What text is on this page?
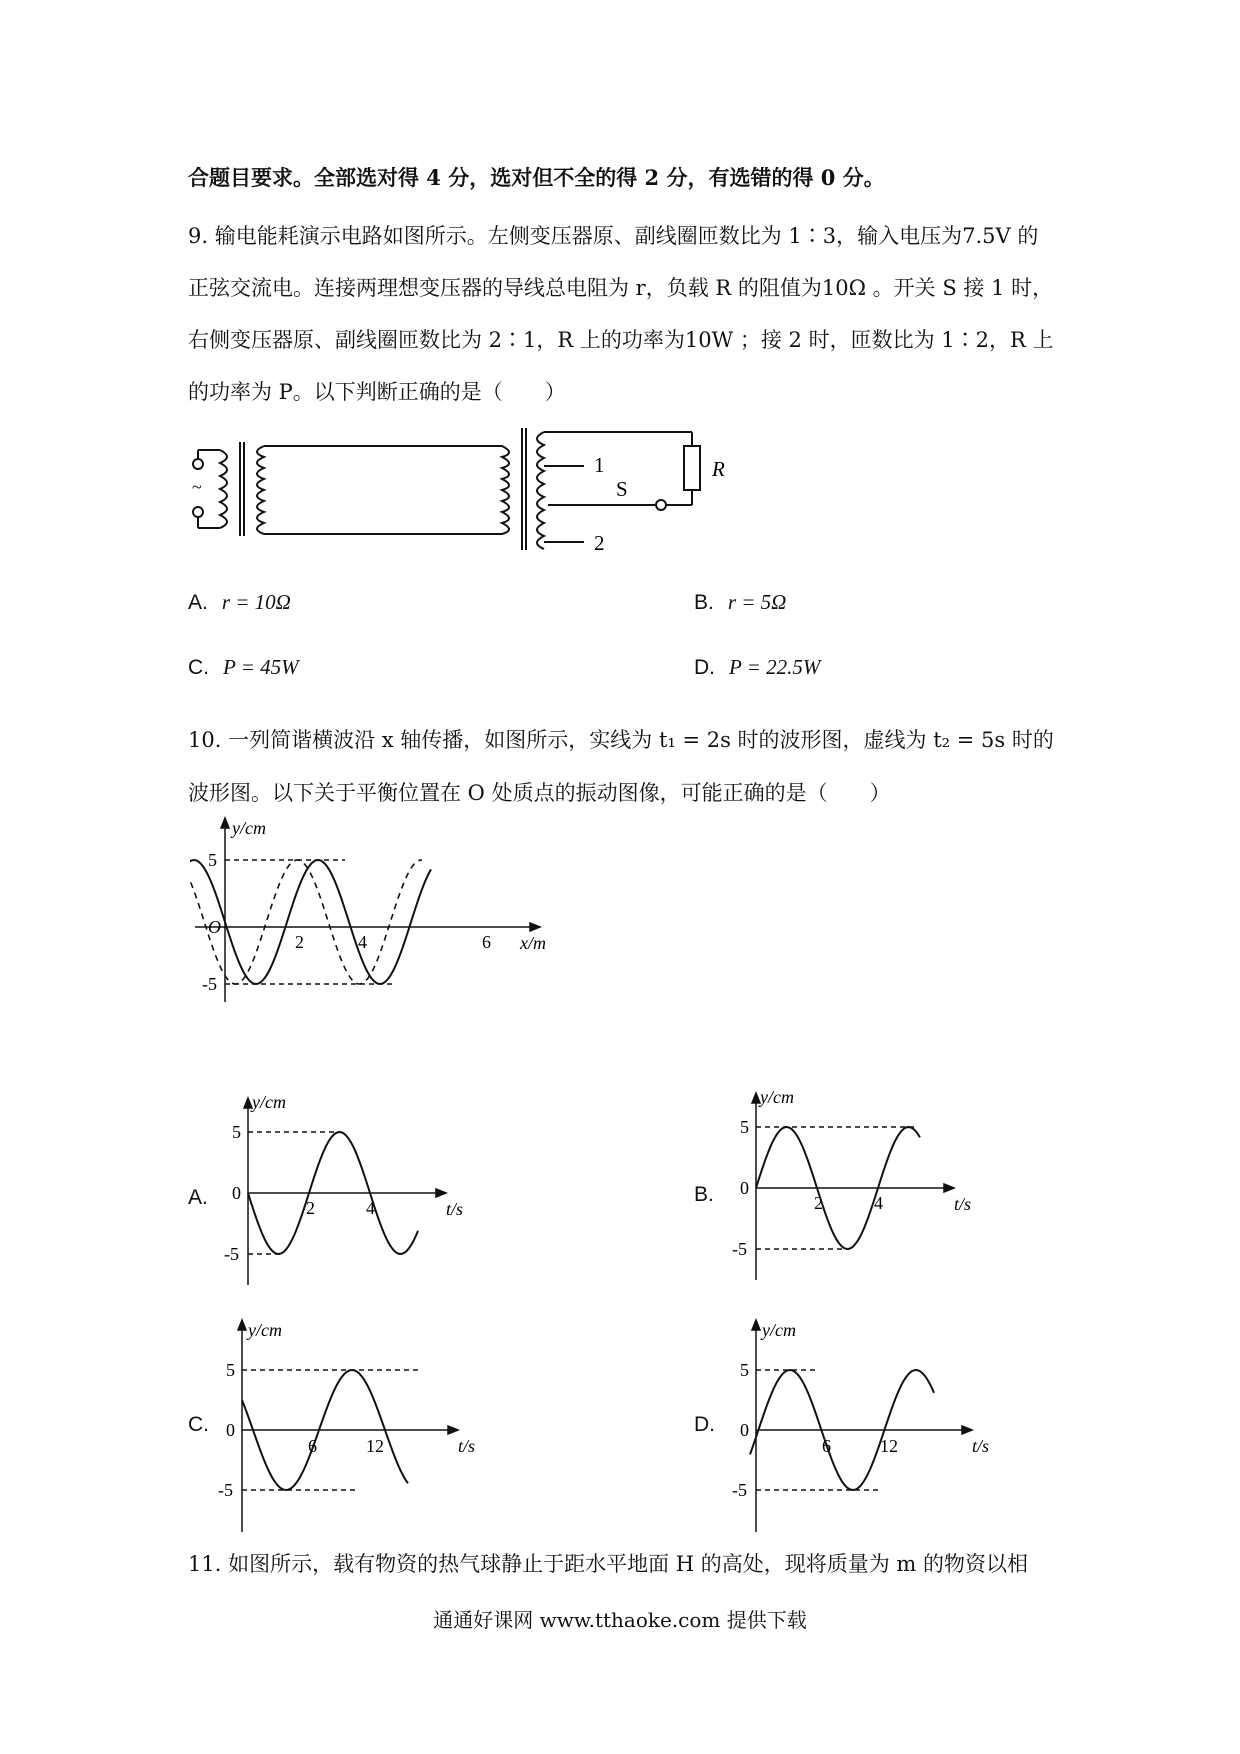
合题目要求。全部选对得 4 分，选对但不全的得 2 分，有选错的得 0 分。
9. 输电能耗演示电路如图所示。左侧变压器原、副线圈匝数比为 1∶3，输入电压为7.5V 的
正弦交流电。连接两理想变压器的导线总电阻为 r，负载 R 的阻值为10Ω 。开关 S 接 1 时，
右侧变压器原、副线圈匝数比为 2∶1，R 上的功率为10W ；接 2 时，匝数比为 1∶2，R 上
的功率为 P。以下判断正确的是（　　）
~
1
2
S
R
A. r = 10Ω	B. r = 5Ω
C. P = 45W	D. P = 22.5W
10. 一列简谐横波沿 x 轴传播，如图所示，实线为 t₁ = 2s 时的波形图，虚线为 t₂ = 5s 时的
波形图。以下关于平衡位置在 O 处质点的振动图像，可能正确的是（　　）
y/cm
x/m
O
5
-5
2	4	6
A.
y/cm
t/s
5
0
-5
2	4
B.
y/cm
t/s
5
0
-5
2	4
C.
y/cm
t/s
5
0
-5
6	12
D.
y/cm
t/s
5
0
-5
6	12
11. 如图所示，载有物资的热气球静止于距水平地面 H 的高处，现将质量为 m 的物资以相
通通好课网 www.tthaoke.com 提供下载
